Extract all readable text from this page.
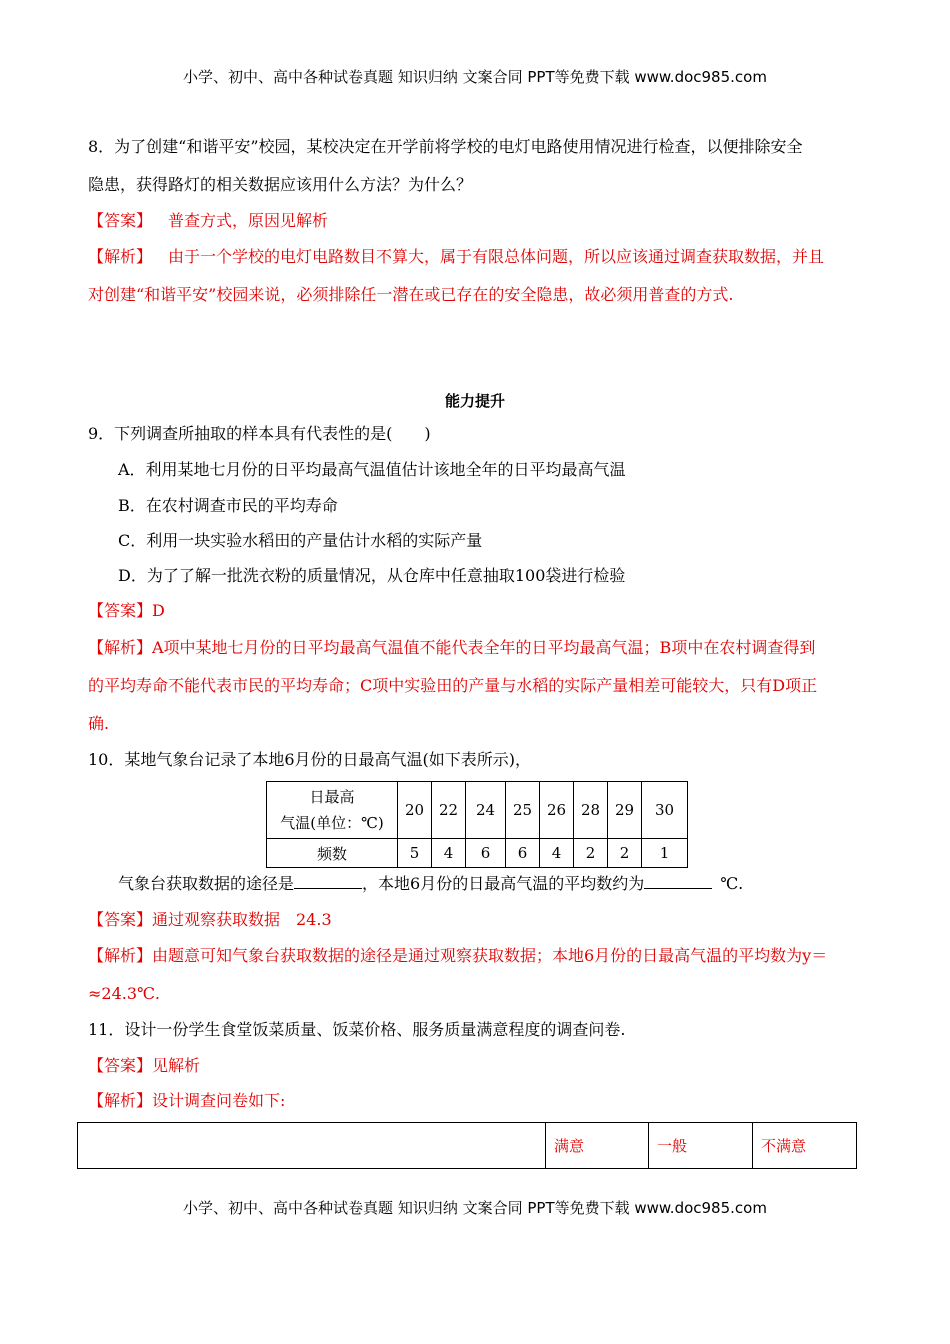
小学、初中、高中各种试卷真题 知识归纳 文案合同 PPT等免费下载 www.doc985.com
8．为了创建“和谐平安”校园，某校决定在开学前将学校的电灯电路使用情况进行检查，以便排除安全
隐患，获得路灯的相关数据应该用什么方法？为什么？
【答案】 普查方式，原因见解析
【解析】 由于一个学校的电灯电路数目不算大，属于有限总体问题，所以应该通过调查获取数据，并且
对创建“和谐平安”校园来说，必须排除任一潜在或已存在的安全隐患，故必须用普查的方式.
能力提升
9．下列调查所抽取的样本具有代表性的是(　　)
A．利用某地七月份的日平均最高气温值估计该地全年的日平均最高气温
B．在农村调查市民的平均寿命
C．利用一块实验水稻田的产量估计水稻的实际产量
D．为了了解一批洗衣粉的质量情况，从仓库中任意抽取100袋进行检验
【答案】D
【解析】A项中某地七月份的日平均最高气温值不能代表全年的日平均最高气温；B项中在农村调查得到
的平均寿命不能代表市民的平均寿命；C项中实验田的产量与水稻的实际产量相差可能较大，只有D项正
确.
10．某地气象台记录了本地6月份的日最高气温(如下表所示)，
日最高
气温(单位：℃)	20	22	24	25	26	28	29	30
频数	5	4	6	6	4	2	2	1
气象台获取数据的途径是	，本地6月份的日最高气温的平均数约为	℃.
【答案】通过观察获取数据　24.3
【解析】由题意可知气象台获取数据的途径是通过观察获取数据；本地6月份的日最高气温的平均数为y＝
≈24.3℃.
11．设计一份学生食堂饭菜质量、饭菜价格、服务质量满意程度的调查问卷.
【答案】见解析
【解析】设计调查问卷如下:
	满意	一般	不满意
小学、初中、高中各种试卷真题 知识归纳 文案合同 PPT等免费下载 www.doc985.com
